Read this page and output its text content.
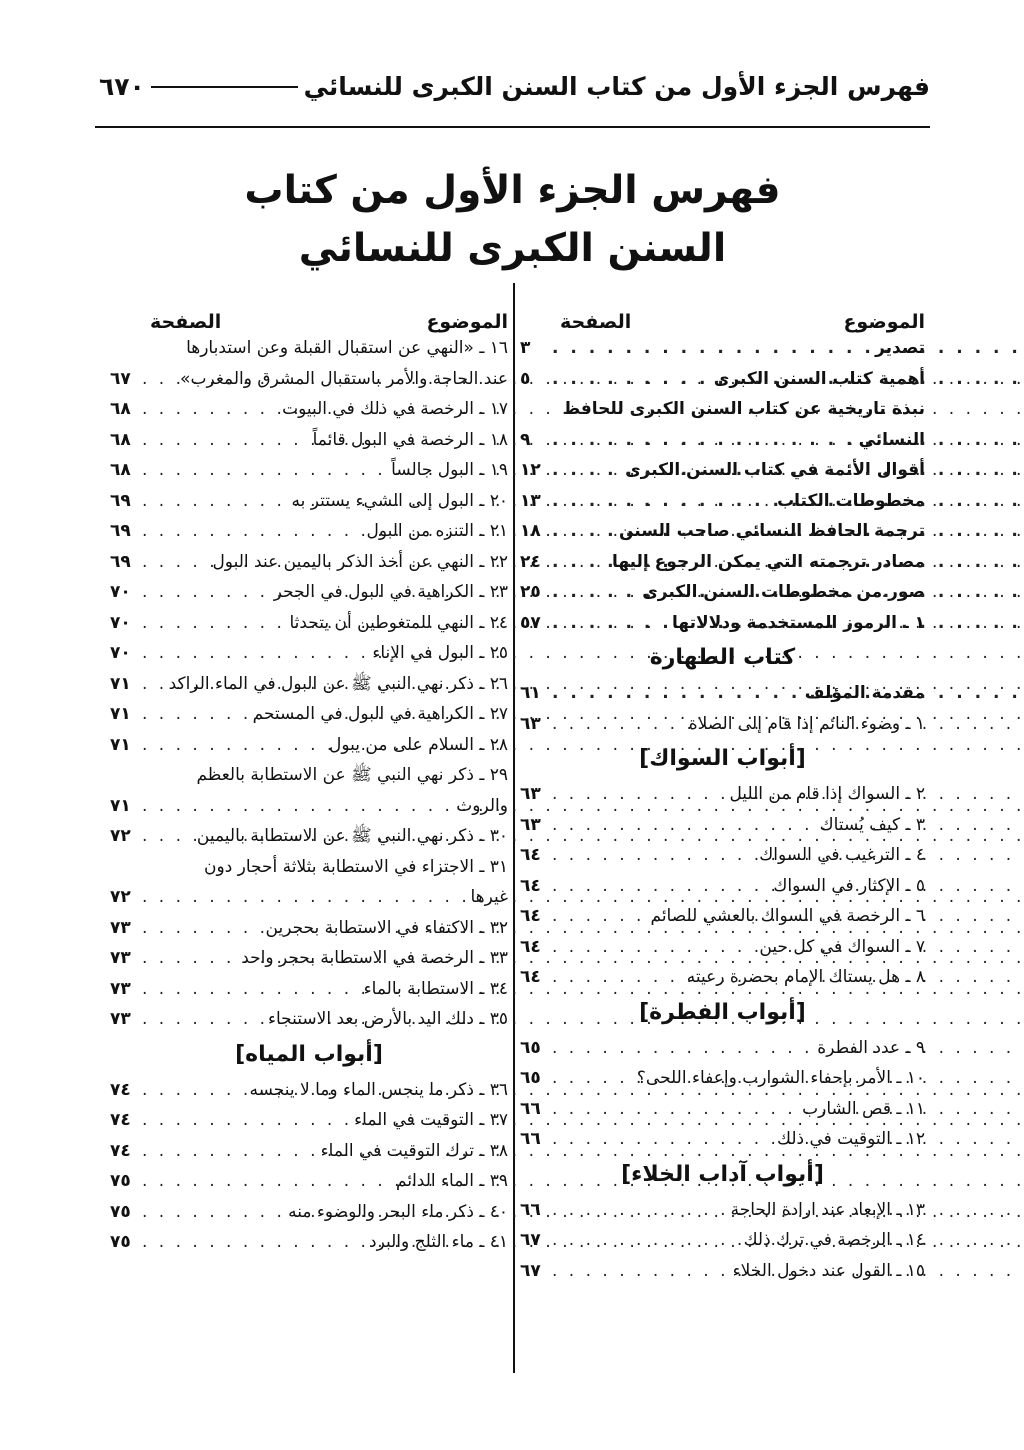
فهرس الجزء الأول من كتاب السنن الكبرى للنسائي
٦٧٠
فهرس الجزء الأول من كتاب
السنن الكبرى للنسائي
الموضوع
الصفحة
تصدير
. . .
٣
أهمية كتاب السنن الكبرى
. . .
٥
نبذة تاريخية عن كتاب السنن الكبرى للحافظ
النسائي
. . .
٩
أقوال الأئمة في كتاب السنن الكبرى
. . .
١٢
مخطوطات الكتاب
. . .
١٣
ترجمة الحافظ النسائي صاحب السنن
. . .
١٨
مصادر ترجمته التي يمكن الرجوع إليها
. . .
٢٤
صور من مخطوطات السنن الكبرى
. . .
٢٥
١ ـ الرموز المستخدمة ودلالاتها
. . .
٥٧
كتاب الطهارة
مقدمة المؤلف
. . .
٦١
١ ـ وضوء النائم إذا قام إلى الصلاة
. . .
٦٣
[أبواب السواك]
٢ ـ السواك إذا قام من الليل
. . .
٦٣
٣ ـ كيف يُستاك
. . .
٦٣
٤ ـ الترغيب في السواك
. . .
٦٤
٥ ـ الإكثار في السواك
. . .
٦٤
٦ ـ الرخصة في السواك بالعشي للصائم
. . .
٦٤
٧ ـ السواك في كل حين
. . .
٦٤
٨ ـ هل يستاك الإمام بحضرة رعيته
. . .
٦٤
[أبواب الفطرة]
٩ ـ عدد الفطرة
. . .
٦٥
١٠ ـ الأمر بإحفاء الشوارب وإعفاء اللحى؟
. . .
٦٥
١١ ـ قص الشارب
. . .
٦٦
١٢ ـ التوقيت في ذلك
. . .
٦٦
[أبواب آداب الخلاء]
١٣ ـ الإبعاد عند ارادة الحاجة
. . .
٦٦
١٤ ـ الرخصة في ترك ذلك
. . .
٦٧
١٥ ـ القول عند دخول الخلاء
. . .
٦٧
الموضوع
الصفحة
١٦ ـ «النهي عن استقبال القبلة وعن استدبارها
عند الحاجة والأمر باستقبال المشرق والمغرب»
. . .
٦٧
١٧ ـ الرخصة في ذلك في البيوت
. . .
٦٨
١٨ ـ الرخصة في البول قائماً
. . .
٦٨
١٩ ـ البول جالساً
. . .
٦٨
٢٠ ـ البول إلى الشيء يستتر به
. . .
٦٩
٢١ ـ التنزه من البول
. . .
٦٩
٢٢ ـ النهي عن أخذ الذكر باليمين عند البول
. . .
٦٩
٢٣ ـ الكراهية في البول في الجحر
. . .
٧٠
٢٤ ـ النهي للمتغوطين أن يتحدثا
. . .
٧٠
٢٥ ـ البول في الإناء
. . .
٧٠
٢٦ ـ ذكر نهي النبي ﷺ عن البول في الماء الراكد
. . .
٧١
٢٧ ـ الكراهية في البول في المستحم
. . .
٧١
٢٨ ـ السلام على من يبول
. . .
٧١
٢٩ ـ ذكر نهي النبي ﷺ عن الاستطابة بالعظم
والروث
. . .
٧١
٣٠ ـ ذكر نهي النبي ﷺ عن الاستطابة باليمين
. . .
٧٢
٣١ ـ الاجتزاء في الاستطابة بثلاثة أحجار دون
غيرها
. . .
٧٢
٣٢ ـ الاكتفاء في الاستطابة بحجرين
. . .
٧٣
٣٣ ـ الرخصة في الاستطابة بحجر واحد
. . .
٧٣
٣٤ ـ الاستطابة بالماء
. . .
٧٣
٣٥ ـ دلك اليد بالأرض بعد الاستنجاء
. . .
٧٣
[أبواب المياه]
٣٦ ـ ذكر ما ينجس الماء وما لا ينجسه
. . .
٧٤
٣٧ ـ التوقيت في الماء
. . .
٧٤
٣٨ ـ ترك التوقيت في الماء
. . .
٧٤
٣٩ ـ الماء الدائم
. . .
٧٥
٤٠ ـ ذكر ماء البحر والوضوء منه
. . .
٧٥
٤١ ـ ماء الثلج والبرد
. . .
٧٥
